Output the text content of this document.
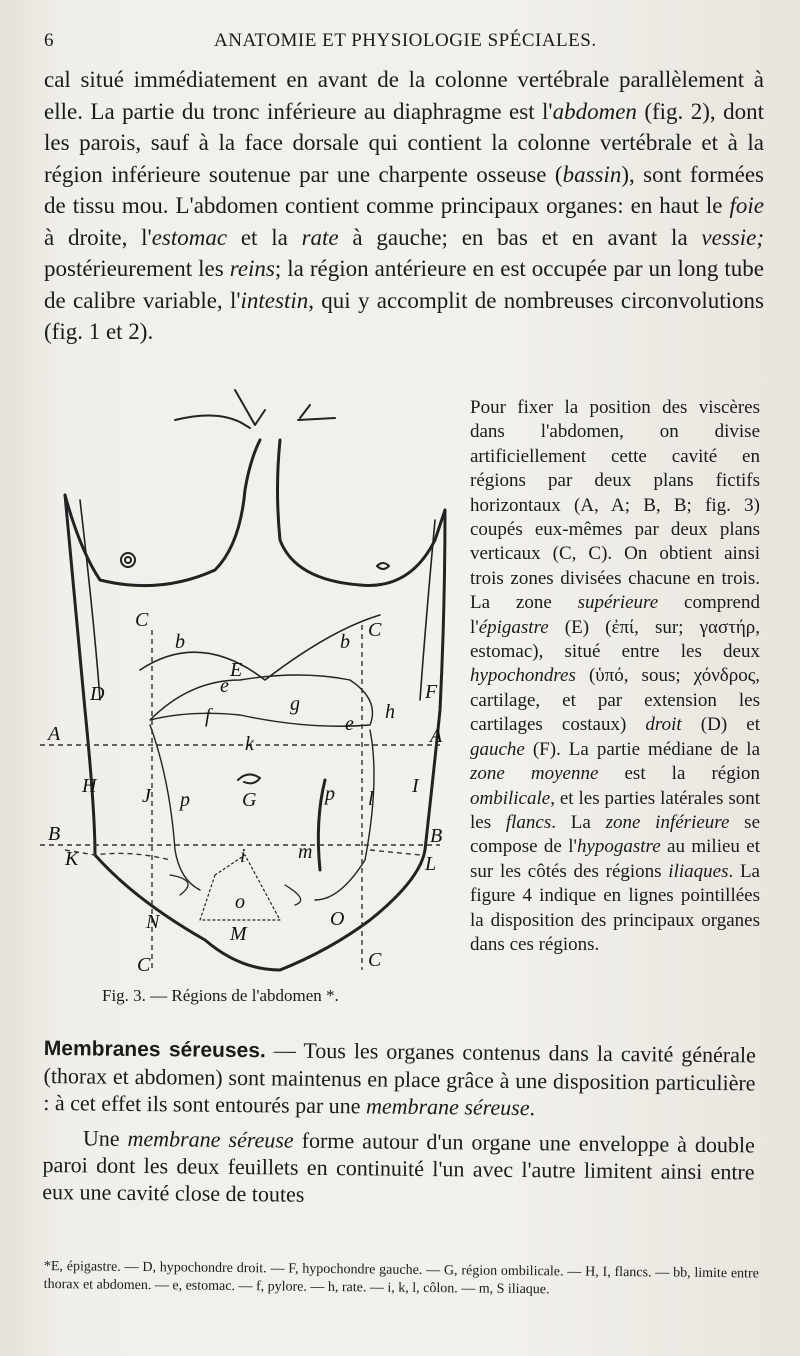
6	ANATOMIE ET PHYSIOLOGIE SPÉCIALES.
cal situé immédiatement en avant de la colonne vertébrale parallèlement à elle. La partie du tronc inférieure au diaphragme est l'abdomen (fig. 2), dont les parois, sauf à la face dorsale qui contient la colonne vertébrale et à la région inférieure soutenue par une charpente osseuse (bassin), sont formées de tissu mou. L'abdomen contient comme principaux organes: en haut le foie à droite, l'estomac et la rate à gauche; en bas et en avant la vessie; postérieurement les reins; la région antérieure en est occupée par un long tube de calibre variable, l'intestin, qui y accomplit de nombreuses circonvolutions (fig. 1 et 2).
C	C
C	C
b	b
E
e
g
f	e
h
D	F
A	A
k
H J p	G	p l
I
B	B
K	L
i	m
N
o
M
O
Fig. 3. — Régions de l'abdomen *.
Pour fixer la position des viscères dans l'abdomen, on divise artificiellement cette cavité en régions par deux plans fictifs horizontaux (A, A; B, B; fig. 3) coupés eux-mêmes par deux plans verticaux (C, C). On obtient ainsi trois zones divisées chacune en trois. La zone supérieure comprend l'épigastre (E) (ἐπί, sur; γαστήρ, estomac), situé entre les deux hypochondres (ὑπό, sous; χόνδρος, cartilage, et par extension les cartilages costaux) droit (D) et gauche (F). La partie médiane de la zone moyenne est la région ombilicale, et les parties latérales sont les flancs. La zone inférieure se compose de l'hypogastre au milieu et sur les côtés des régions iliaques. La figure 4 indique en lignes pointillées la disposition des principaux organes dans ces régions.

Membranes séreuses. — Tous les organes contenus dans la cavité générale (thorax et abdomen) sont maintenus en place grâce à une disposition particulière : à cet effet ils sont entourés par une membrane séreuse.

Une membrane séreuse forme autour d'un organe une enveloppe à double paroi dont les deux feuillets en continuité l'un avec l'autre limitent ainsi entre eux une cavité close de toutes

*E, épigastre. — D, hypochondre droit. — F, hypochondre gauche. — G, région ombilicale. — H, I, flancs. — bb, limite entre thorax et abdomen. — e, estomac. — f, pylore. — h, rate. — i, k, l, côlon. — m, S iliaque.
